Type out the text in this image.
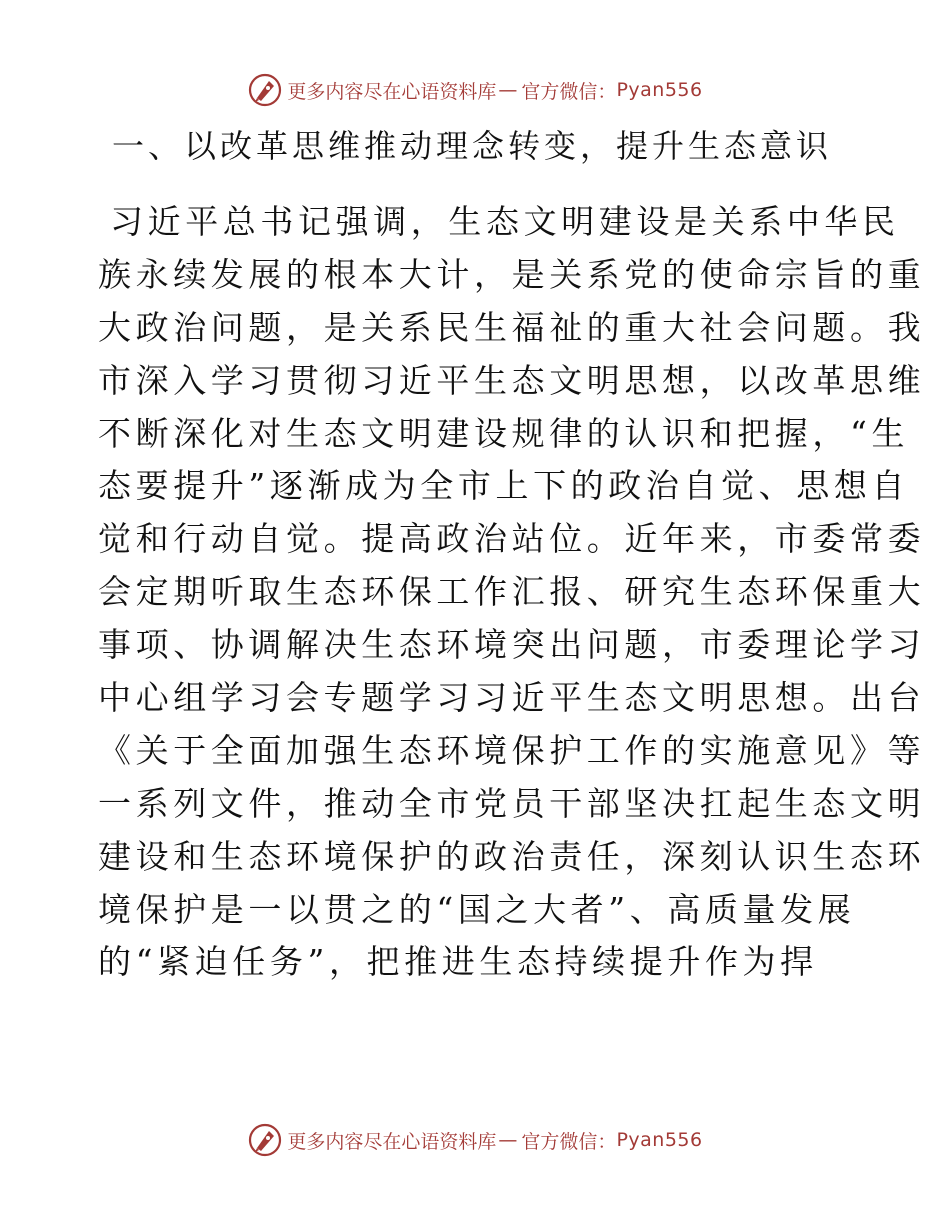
更多内容尽在心语资料库 — 官方微信： Pyan556
一、以改革思维推动理念转变，提升生态意识
习近平总书记强调，生态文明建设是关系中华民
族永续发展的根本大计，是关系党的使命宗旨的重
大政治问题，是关系民生福祉的重大社会问题。我
市深入学习贯彻习近平生态文明思想，以改革思维
不断深化对生态文明建设规律的认识和把握，“生
态要提升”逐渐成为全市上下的政治自觉、思想自
觉和行动自觉。提高政治站位。近年来，市委常委
会定期听取生态环保工作汇报、研究生态环保重大
事项、协调解决生态环境突出问题，市委理论学习
中心组学习会专题学习习近平生态文明思想。出台
《关于全面加强生态环境保护工作的实施意见》等
一系列文件，推动全市党员干部坚决扛起生态文明
建设和生态环境保护的政治责任，深刻认识生态环
境保护是一以贯之的“国之大者”、高质量发展
的“紧迫任务”，把推进生态持续提升作为捍
更多内容尽在心语资料库 — 官方微信： Pyan556
